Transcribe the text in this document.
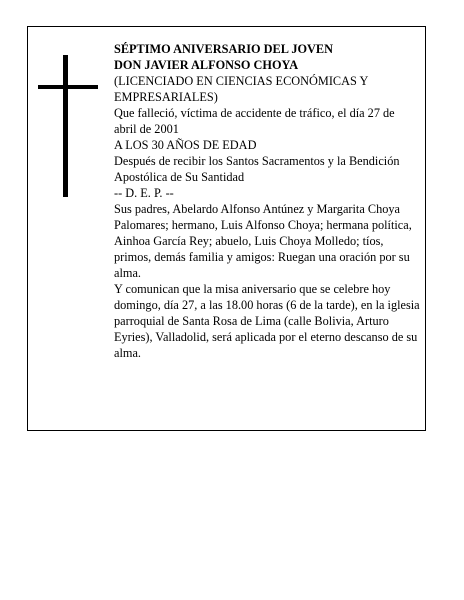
SÉPTIMO ANIVERSARIO DEL JOVEN

DON JAVIER ALFONSO CHOYA

(LICENCIADO EN CIENCIAS ECONÓMICAS Y EMPRESARIALES)

Que falleció, víctima de accidente de tráfico, el día 27 de abril de 2001

A LOS 30 AÑOS DE EDAD

Después de recibir los Santos Sacramentos y la Bendición Apostólica de Su Santidad

-- D. E. P. --

Sus padres, Abelardo Alfonso Antúnez y Margarita Choya Palomares; hermano, Luis Alfonso Choya; hermana política, Ainhoa García Rey; abuelo, Luis Choya Molledo; tíos, primos, demás familia y amigos: Ruegan una oración por su alma.

Y comunican que la misa aniversario que se celebre hoy domingo, día 27, a las 18.00 horas (6 de la tarde), en la iglesia parroquial de Santa Rosa de Lima (calle Bolivia, Arturo Eyries), Valladolid, será aplicada por el eterno descanso de su alma.
